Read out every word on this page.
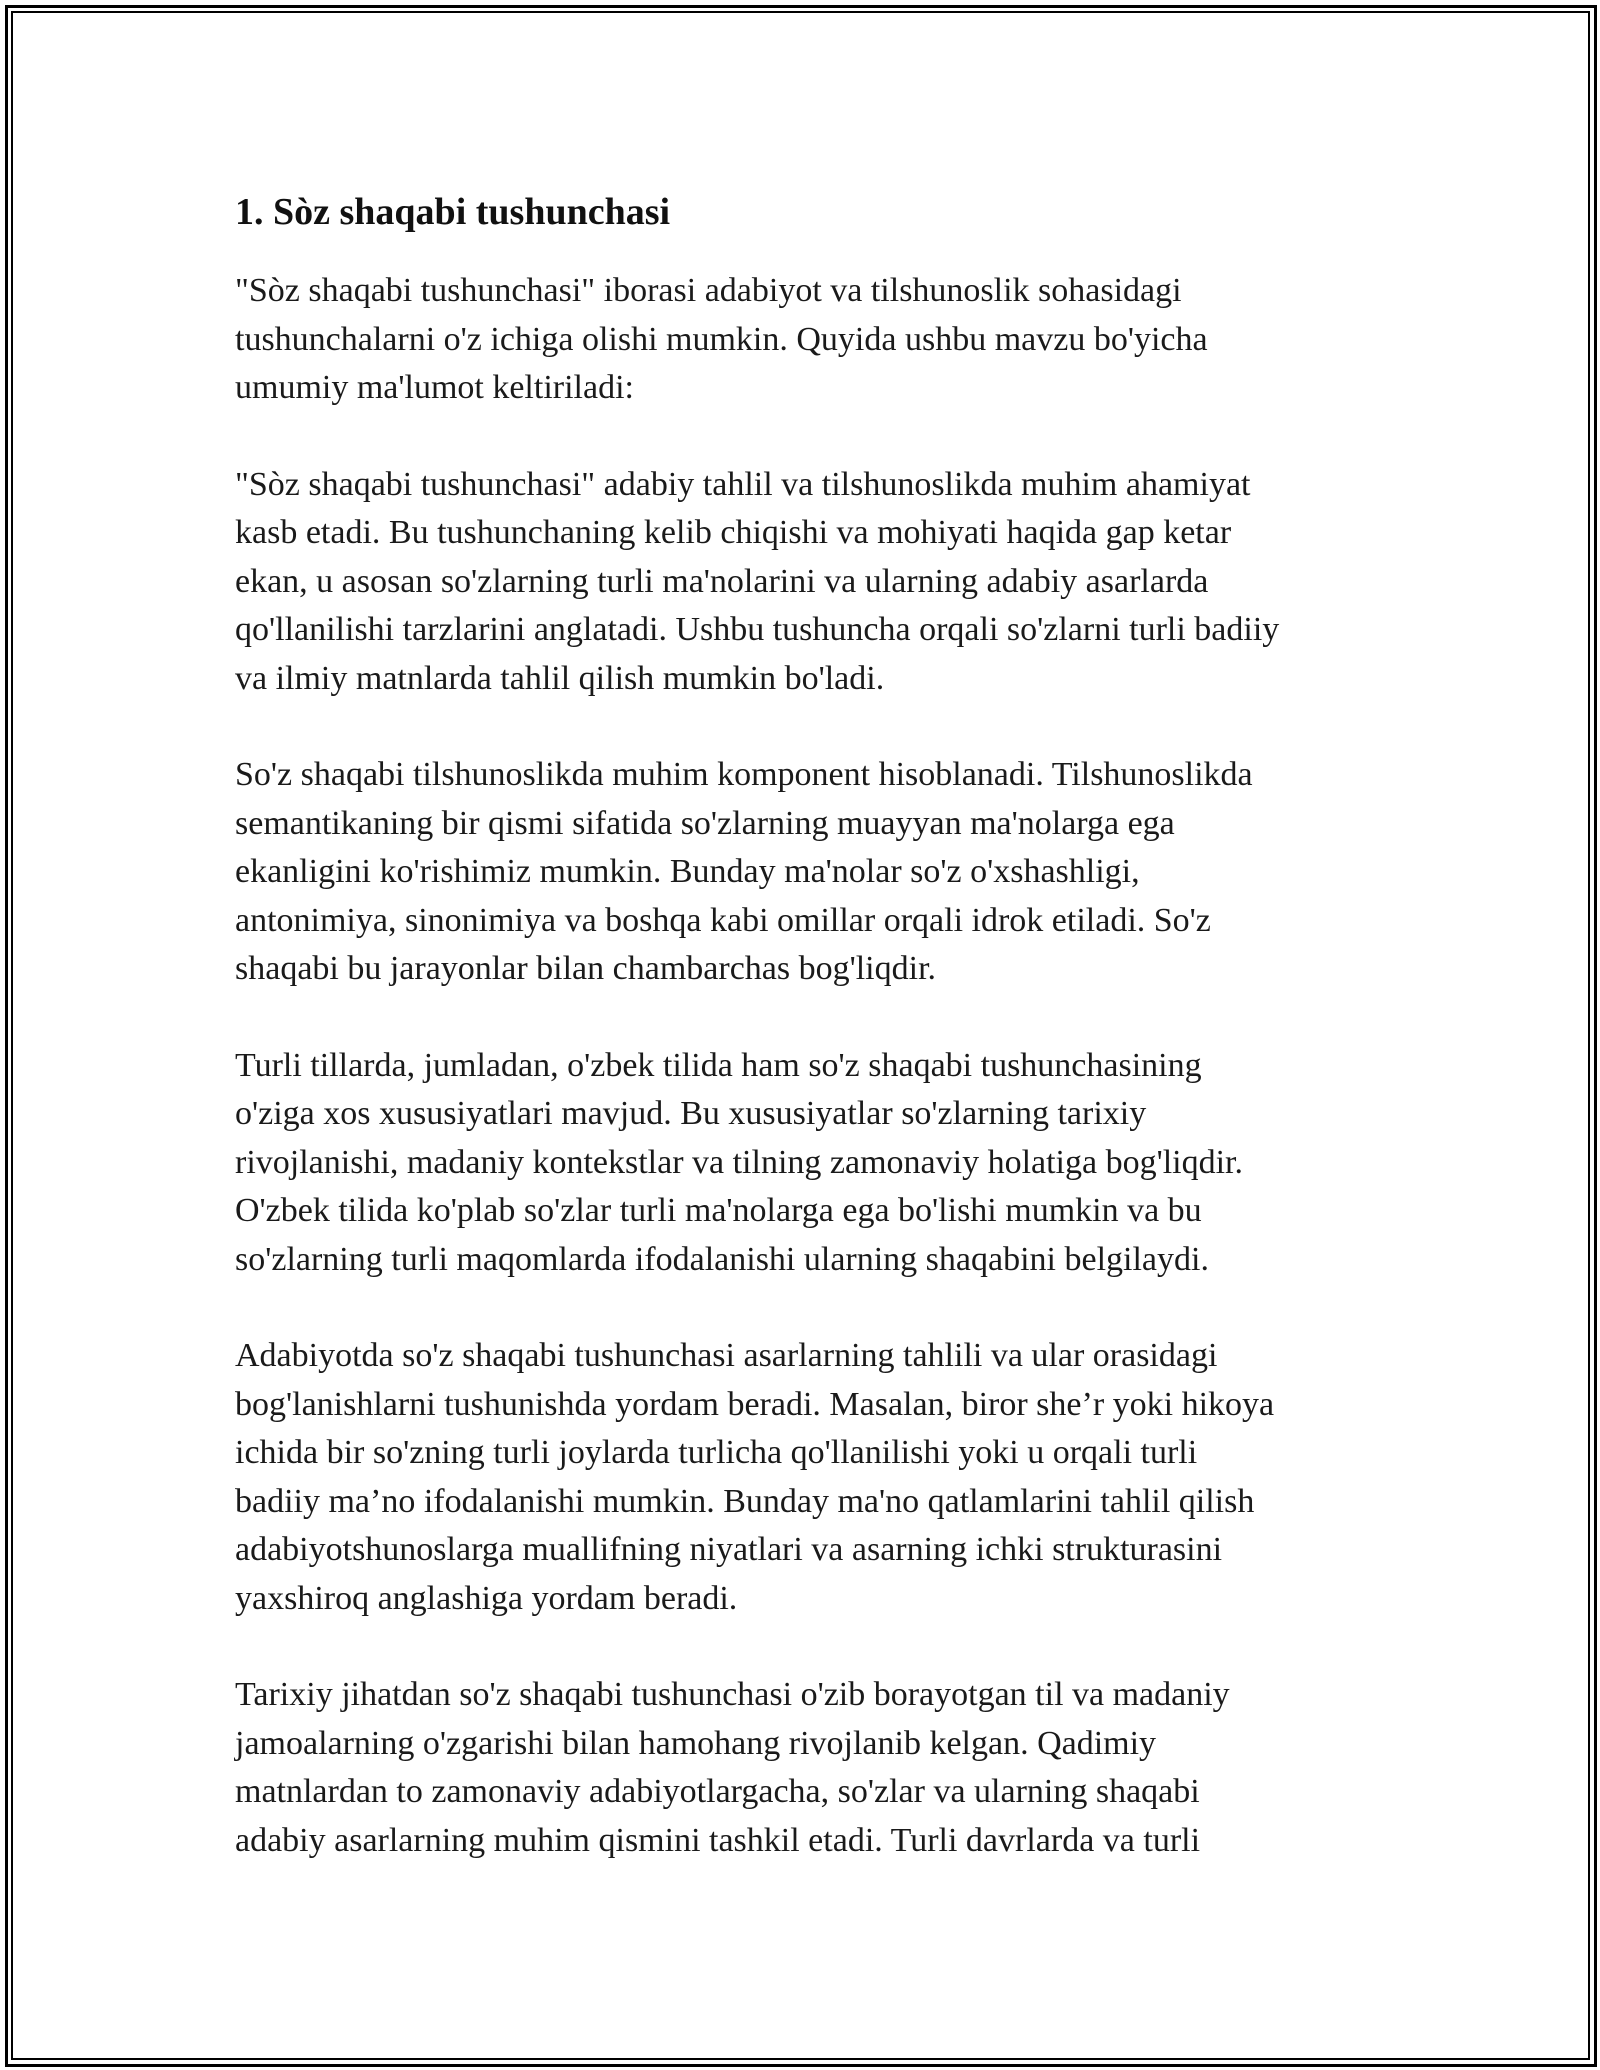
1. Sòz shaqabi tushunchasi

"Sòz shaqabi tushunchasi" iborasi adabiyot va tilshunoslik sohasidagi
tushunchalarni o'z ichiga olishi mumkin. Quyida ushbu mavzu bo'yicha
umumiy ma'lumot keltiriladi:

"Sòz shaqabi tushunchasi" adabiy tahlil va tilshunoslikda muhim ahamiyat
kasb etadi. Bu tushunchaning kelib chiqishi va mohiyati haqida gap ketar
ekan, u asosan so'zlarning turli ma'nolarini va ularning adabiy asarlarda
qo'llanilishi tarzlarini anglatadi. Ushbu tushuncha orqali so'zlarni turli badiiy
va ilmiy matnlarda tahlil qilish mumkin bo'ladi.

So'z shaqabi tilshunoslikda muhim komponent hisoblanadi. Tilshunoslikda
semantikaning bir qismi sifatida so'zlarning muayyan ma'nolarga ega
ekanligini ko'rishimiz mumkin. Bunday ma'nolar so'z o'xshashligi,
antonimiya, sinonimiya va boshqa kabi omillar orqali idrok etiladi. So'z
shaqabi bu jarayonlar bilan chambarchas bog'liqdir.

Turli tillarda, jumladan, o'zbek tilida ham so'z shaqabi tushunchasining
o'ziga xos xususiyatlari mavjud. Bu xususiyatlar so'zlarning tarixiy
rivojlanishi, madaniy kontekstlar va tilning zamonaviy holatiga bog'liqdir.
O'zbek tilida ko'plab so'zlar turli ma'nolarga ega bo'lishi mumkin va bu
so'zlarning turli maqomlarda ifodalanishi ularning shaqabini belgilaydi.

Adabiyotda so'z shaqabi tushunchasi asarlarning tahlili va ular orasidagi
bog'lanishlarni tushunishda yordam beradi. Masalan, biror she’r yoki hikoya
ichida bir so'zning turli joylarda turlicha qo'llanilishi yoki u orqali turli
badiiy ma’no ifodalanishi mumkin. Bunday ma'no qatlamlarini tahlil qilish
adabiyotshunoslarga muallifning niyatlari va asarning ichki strukturasini
yaxshiroq anglashiga yordam beradi.

Tarixiy jihatdan so'z shaqabi tushunchasi o'zib borayotgan til va madaniy
jamoalarning o'zgarishi bilan hamohang rivojlanib kelgan. Qadimiy
matnlardan to zamonaviy adabiyotlargacha, so'zlar va ularning shaqabi
adabiy asarlarning muhim qismini tashkil etadi. Turli davrlarda va turli
